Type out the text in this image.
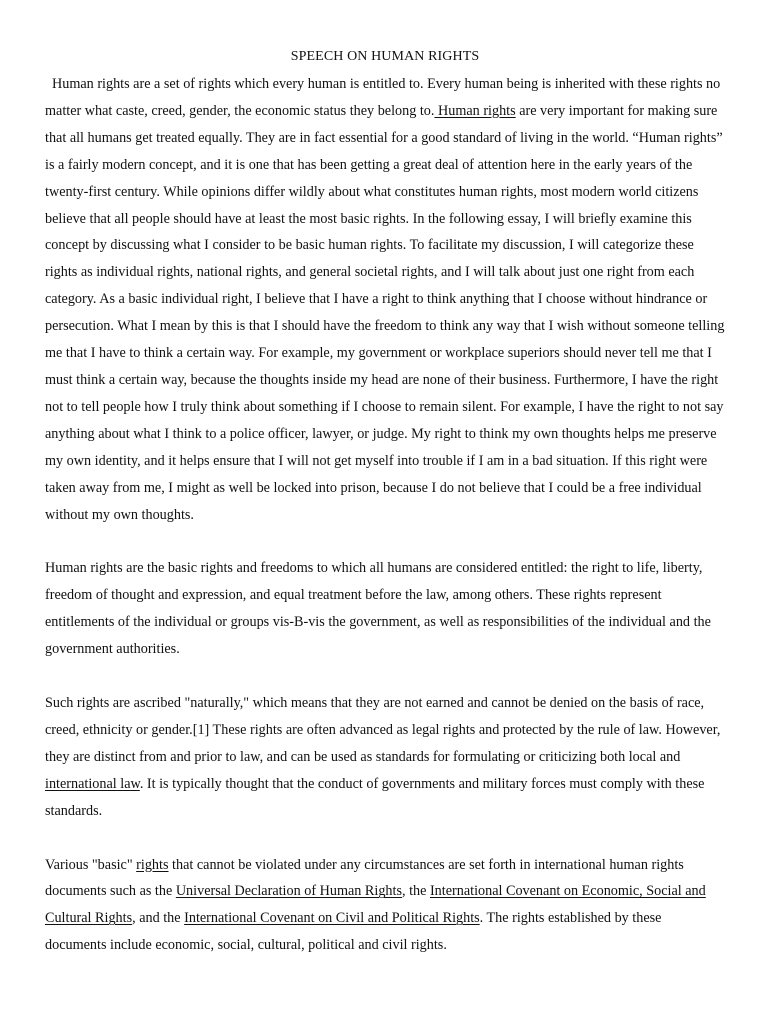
SPEECH ON HUMAN RIGHTS

Human rights are a set of rights which every human is entitled to. Every human being is inherited with these rights no matter what caste, creed, gender, the economic status they belong to. Human rights are very important for making sure that all humans get treated equally. They are in fact essential for a good standard of living in the world. “Human rights” is a fairly modern concept, and it is one that has been getting a great deal of attention here in the early years of the twenty-first century. While opinions differ wildly about what constitutes human rights, most modern world citizens believe that all people should have at least the most basic rights. In the following essay, I will briefly examine this concept by discussing what I consider to be basic human rights. To facilitate my discussion, I will categorize these rights as individual rights, national rights, and general societal rights, and I will talk about just one right from each category. As a basic individual right, I believe that I have a right to think anything that I choose without hindrance or persecution. What I mean by this is that I should have the freedom to think any way that I wish without someone telling me that I have to think a certain way. For example, my government or workplace superiors should never tell me that I must think a certain way, because the thoughts inside my head are none of their business. Furthermore, I have the right not to tell people how I truly think about something if I choose to remain silent. For example, I have the right to not say anything about what I think to a police officer, lawyer, or judge. My right to think my own thoughts helps me preserve my own identity, and it helps ensure that I will not get myself into trouble if I am in a bad situation. If this right were taken away from me, I might as well be locked into prison, because I do not believe that I could be a free individual without my own thoughts.

Human rights are the basic rights and freedoms to which all humans are considered entitled: the right to life, liberty, freedom of thought and expression, and equal treatment before the law, among others. These rights represent entitlements of the individual or groups vis-B-vis the government, as well as responsibilities of the individual and the government authorities.

Such rights are ascribed "naturally," which means that they are not earned and cannot be denied on the basis of race, creed, ethnicity or gender.[1] These rights are often advanced as legal rights and protected by the rule of law. However, they are distinct from and prior to law, and can be used as standards for formulating or criticizing both local and international law. It is typically thought that the conduct of governments and military forces must comply with these standards.

Various "basic" rights that cannot be violated under any circumstances are set forth in international human rights documents such as the Universal Declaration of Human Rights, the International Covenant on Economic, Social and Cultural Rights, and the International Covenant on Civil and Political Rights. The rights established by these documents include economic, social, cultural, political and civil rights.
